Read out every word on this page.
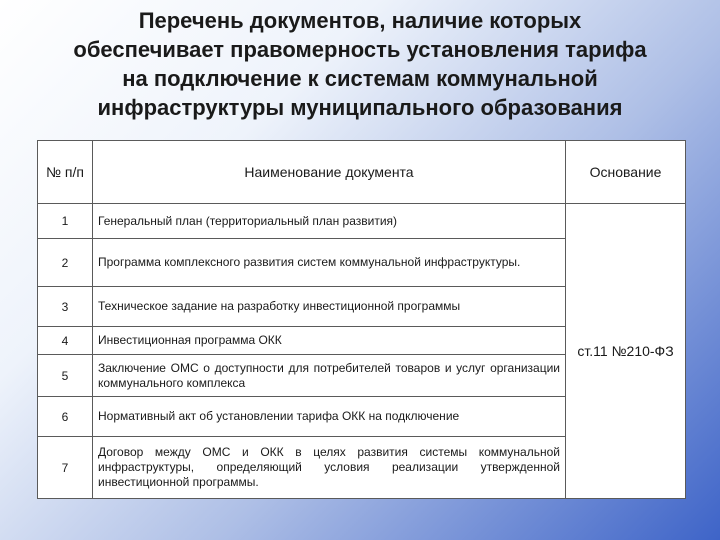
Перечень документов, наличие которых
обеспечивает правомерность установления тарифа
на подключение к системам коммунальной
инфраструктуры муниципального образования
№ п/п	Наименование документа	Основание
1	Генеральный план (территориальный план развития)	ст.11 №210-ФЗ
2	Программа комплексного развития систем коммунальной инфраструктуры.	
3	Техническое задание на разработку инвестиционной программы	
4	Инвестиционная программа ОКК	
5	Заключение ОМС о доступности для потребителей товаров и услуг организации коммунального комплекса	
6	Нормативный акт об установлении тарифа ОКК на подключение	
7	Договор между ОМС и ОКК в целях развития системы коммунальной инфраструктуры, определяющий условия реализации утвержденной инвестиционной программы.	
